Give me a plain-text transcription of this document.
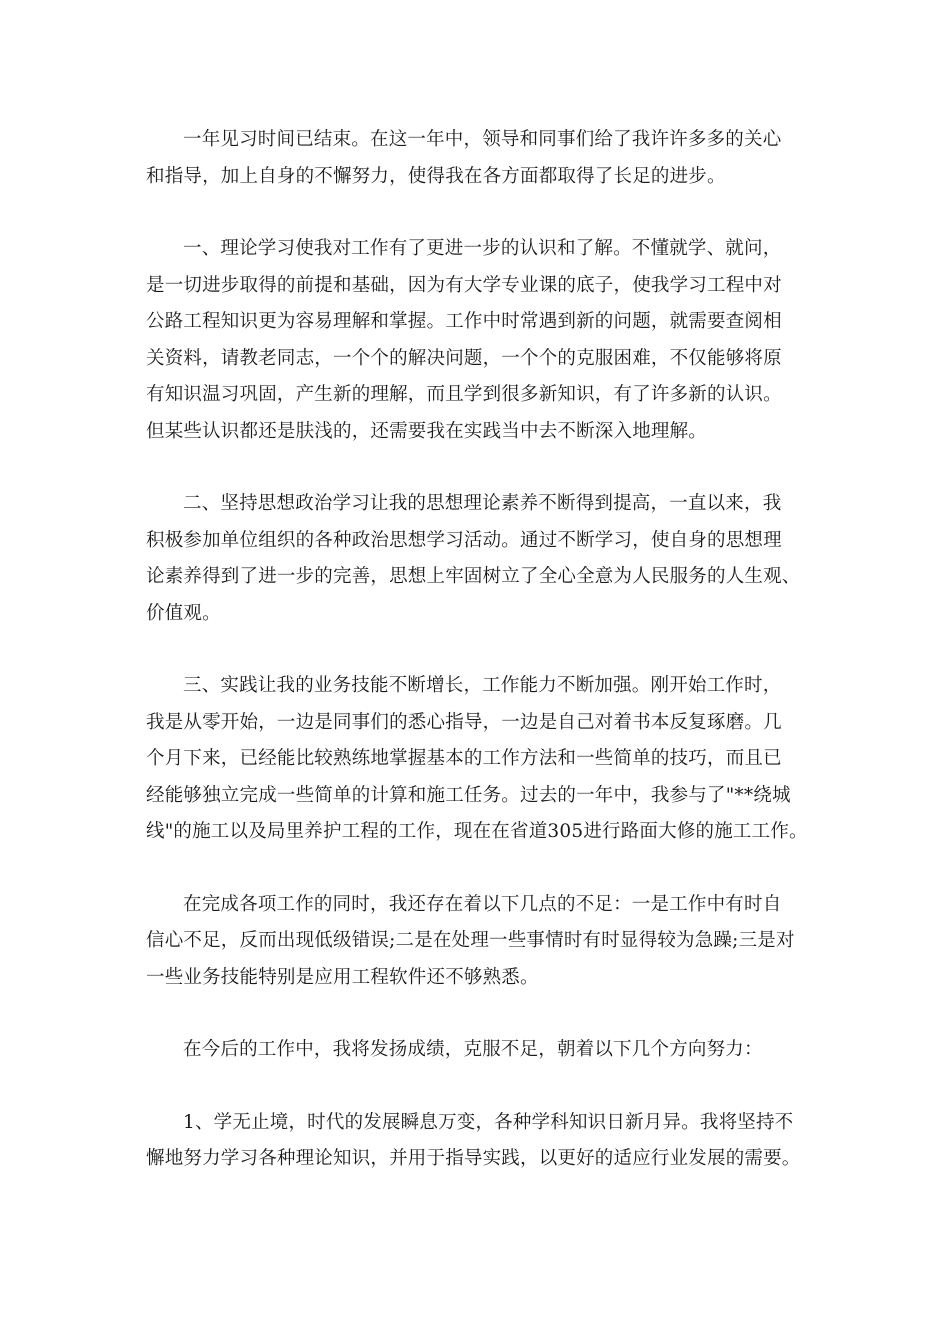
一年见习时间已结束。在这一年中，领导和同事们给了我许许多多的关心
和指导，加上自身的不懈努力，使得我在各方面都取得了长足的进步。

一、理论学习使我对工作有了更进一步的认识和了解。不懂就学、就问，
是一切进步取得的前提和基础，因为有大学专业课的底子，使我学习工程中对
公路工程知识更为容易理解和掌握。工作中时常遇到新的问题，就需要查阅相
关资料，请教老同志，一个个的解决问题，一个个的克服困难，不仅能够将原
有知识温习巩固，产生新的理解，而且学到很多新知识，有了许多新的认识。
但某些认识都还是肤浅的，还需要我在实践当中去不断深入地理解。

二、坚持思想政治学习让我的思想理论素养不断得到提高，一直以来，我
积极参加单位组织的各种政治思想学习活动。通过不断学习，使自身的思想理
论素养得到了进一步的完善，思想上牢固树立了全心全意为人民服务的人生观、
价值观。

三、实践让我的业务技能不断增长，工作能力不断加强。刚开始工作时，
我是从零开始，一边是同事们的悉心指导，一边是自己对着书本反复琢磨。几
个月下来，已经能比较熟练地掌握基本的工作方法和一些简单的技巧，而且已
经能够独立完成一些简单的计算和施工任务。过去的一年中，我参与了"**绕城
线"的施工以及局里养护工程的工作，现在在省道305进行路面大修的施工工作。

在完成各项工作的同时，我还存在着以下几点的不足：一是工作中有时自
信心不足，反而出现低级错误;二是在处理一些事情时有时显得较为急躁;三是对
一些业务技能特别是应用工程软件还不够熟悉。

在今后的工作中，我将发扬成绩，克服不足，朝着以下几个方向努力：

1、学无止境，时代的发展瞬息万变，各种学科知识日新月异。我将坚持不
懈地努力学习各种理论知识，并用于指导实践，以更好的适应行业发展的需要。
